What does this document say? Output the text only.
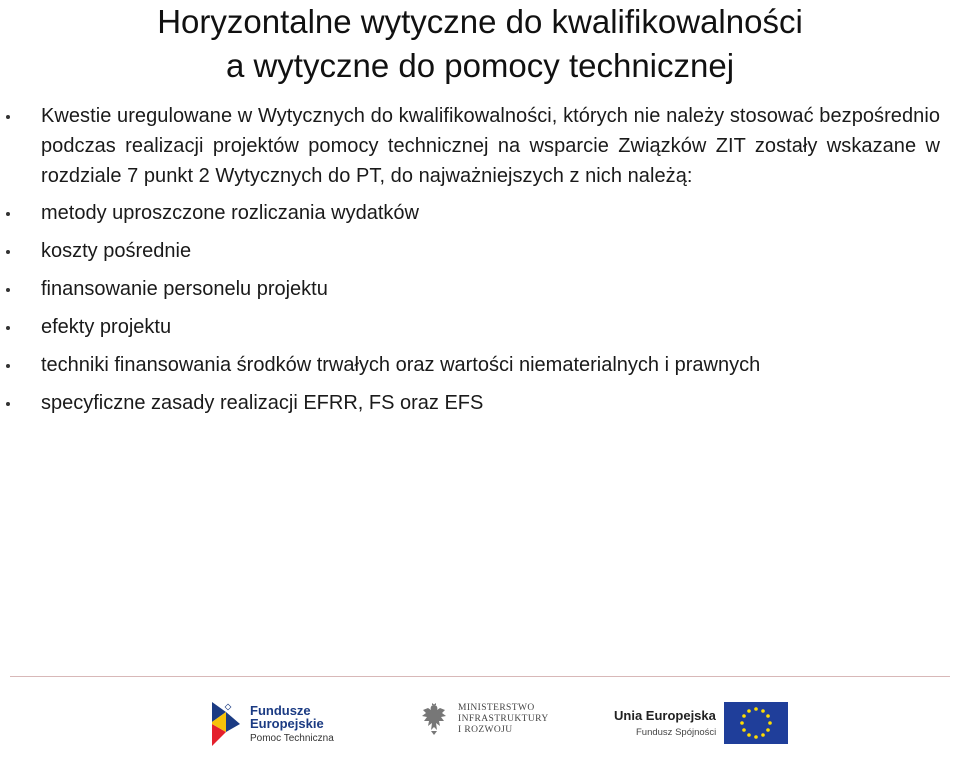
Horyzontalne wytyczne do kwalifikowalności
a wytyczne do pomocy technicznej
Kwestie uregulowane w Wytycznych do kwalifikowalności, których nie należy stosować bezpośrednio podczas realizacji projektów pomocy technicznej na wsparcie Związków ZIT zostały wskazane w rozdziale 7 punkt 2 Wytycznych do PT, do najważniejszych z nich należą:
metody uproszczone rozliczania wydatków
koszty pośrednie
finansowanie personelu projektu
efekty projektu
techniki finansowania środków trwałych oraz wartości niematerialnych i prawnych
specyficzne zasady realizacji EFRR, FS oraz EFS
Fundusze
Europejskie
Pomoc Techniczna
MINISTERSTWO
INFRASTRUKTURY
I ROZWOJU
Unia Europejska
Fundusz Spójności
